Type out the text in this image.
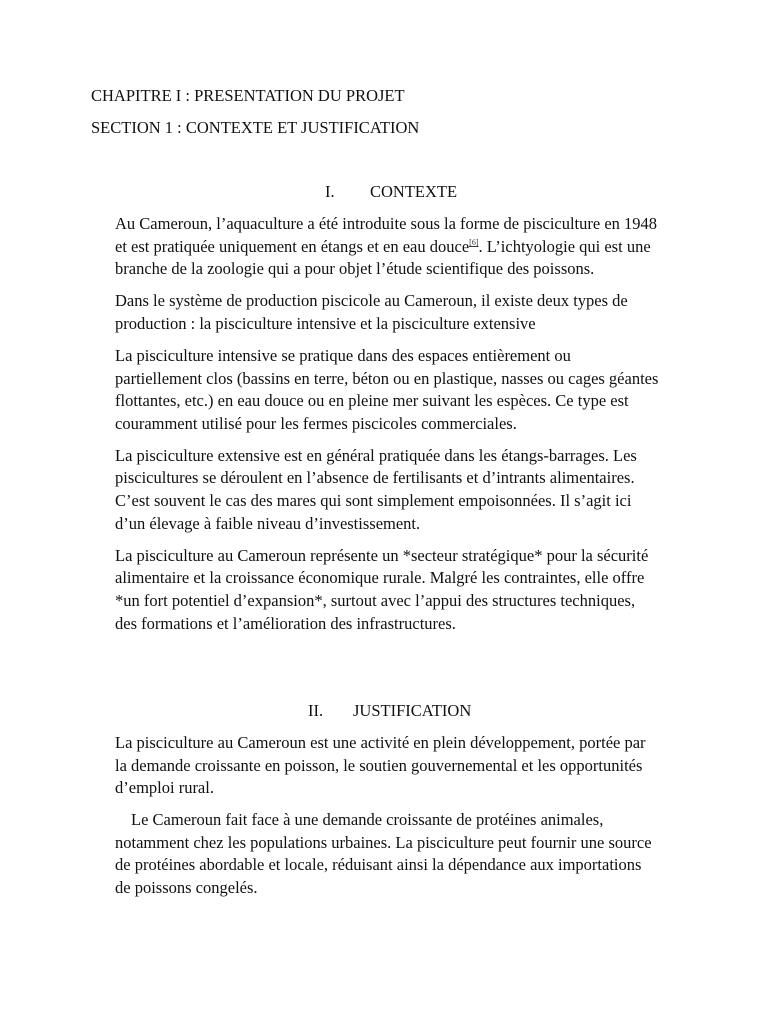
CHAPITRE I : PRESENTATION DU PROJET
SECTION 1 : CONTEXTE ET JUSTIFICATION
I. CONTEXTE

Au Cameroun, l’aquaculture a été introduite sous la forme de pisciculture en 1948 et est pratiquée uniquement en étangs et en eau douce[6]. L’ichtyologie qui est une branche de la zoologie qui a pour objet l’étude scientifique des poissons.

Dans le système de production piscicole au Cameroun, il existe deux types de production : la pisciculture intensive et la pisciculture extensive

La pisciculture intensive se pratique dans des espaces entièrement ou partiellement clos (bassins en terre, béton ou en plastique, nasses ou cages géantes flottantes, etc.) en eau douce ou en pleine mer suivant les espèces. Ce type est couramment utilisé pour les fermes piscicoles commerciales.

La pisciculture extensive est en général pratiquée dans les étangs-barrages. Les piscicultures se déroulent en l’absence de fertilisants et d’intrants alimentaires. C’est souvent le cas des mares qui sont simplement empoisonnées. Il s’agit ici d’un élevage à faible niveau d’investissement.

La pisciculture au Cameroun représente un *secteur stratégique* pour la sécurité alimentaire et la croissance économique rurale. Malgré les contraintes, elle offre *un fort potentiel d’expansion*, surtout avec l’appui des structures techniques, des formations et l’amélioration des infrastructures.

II. JUSTIFICATION

La pisciculture au Cameroun est une activité en plein développement, portée par la demande croissante en poisson, le soutien gouvernemental et les opportunités d’emploi rural.

Le Cameroun fait face à une demande croissante de protéines animales, notamment chez les populations urbaines. La pisciculture peut fournir une source de protéines abordable et locale, réduisant ainsi la dépendance aux importations de poissons congelés.
